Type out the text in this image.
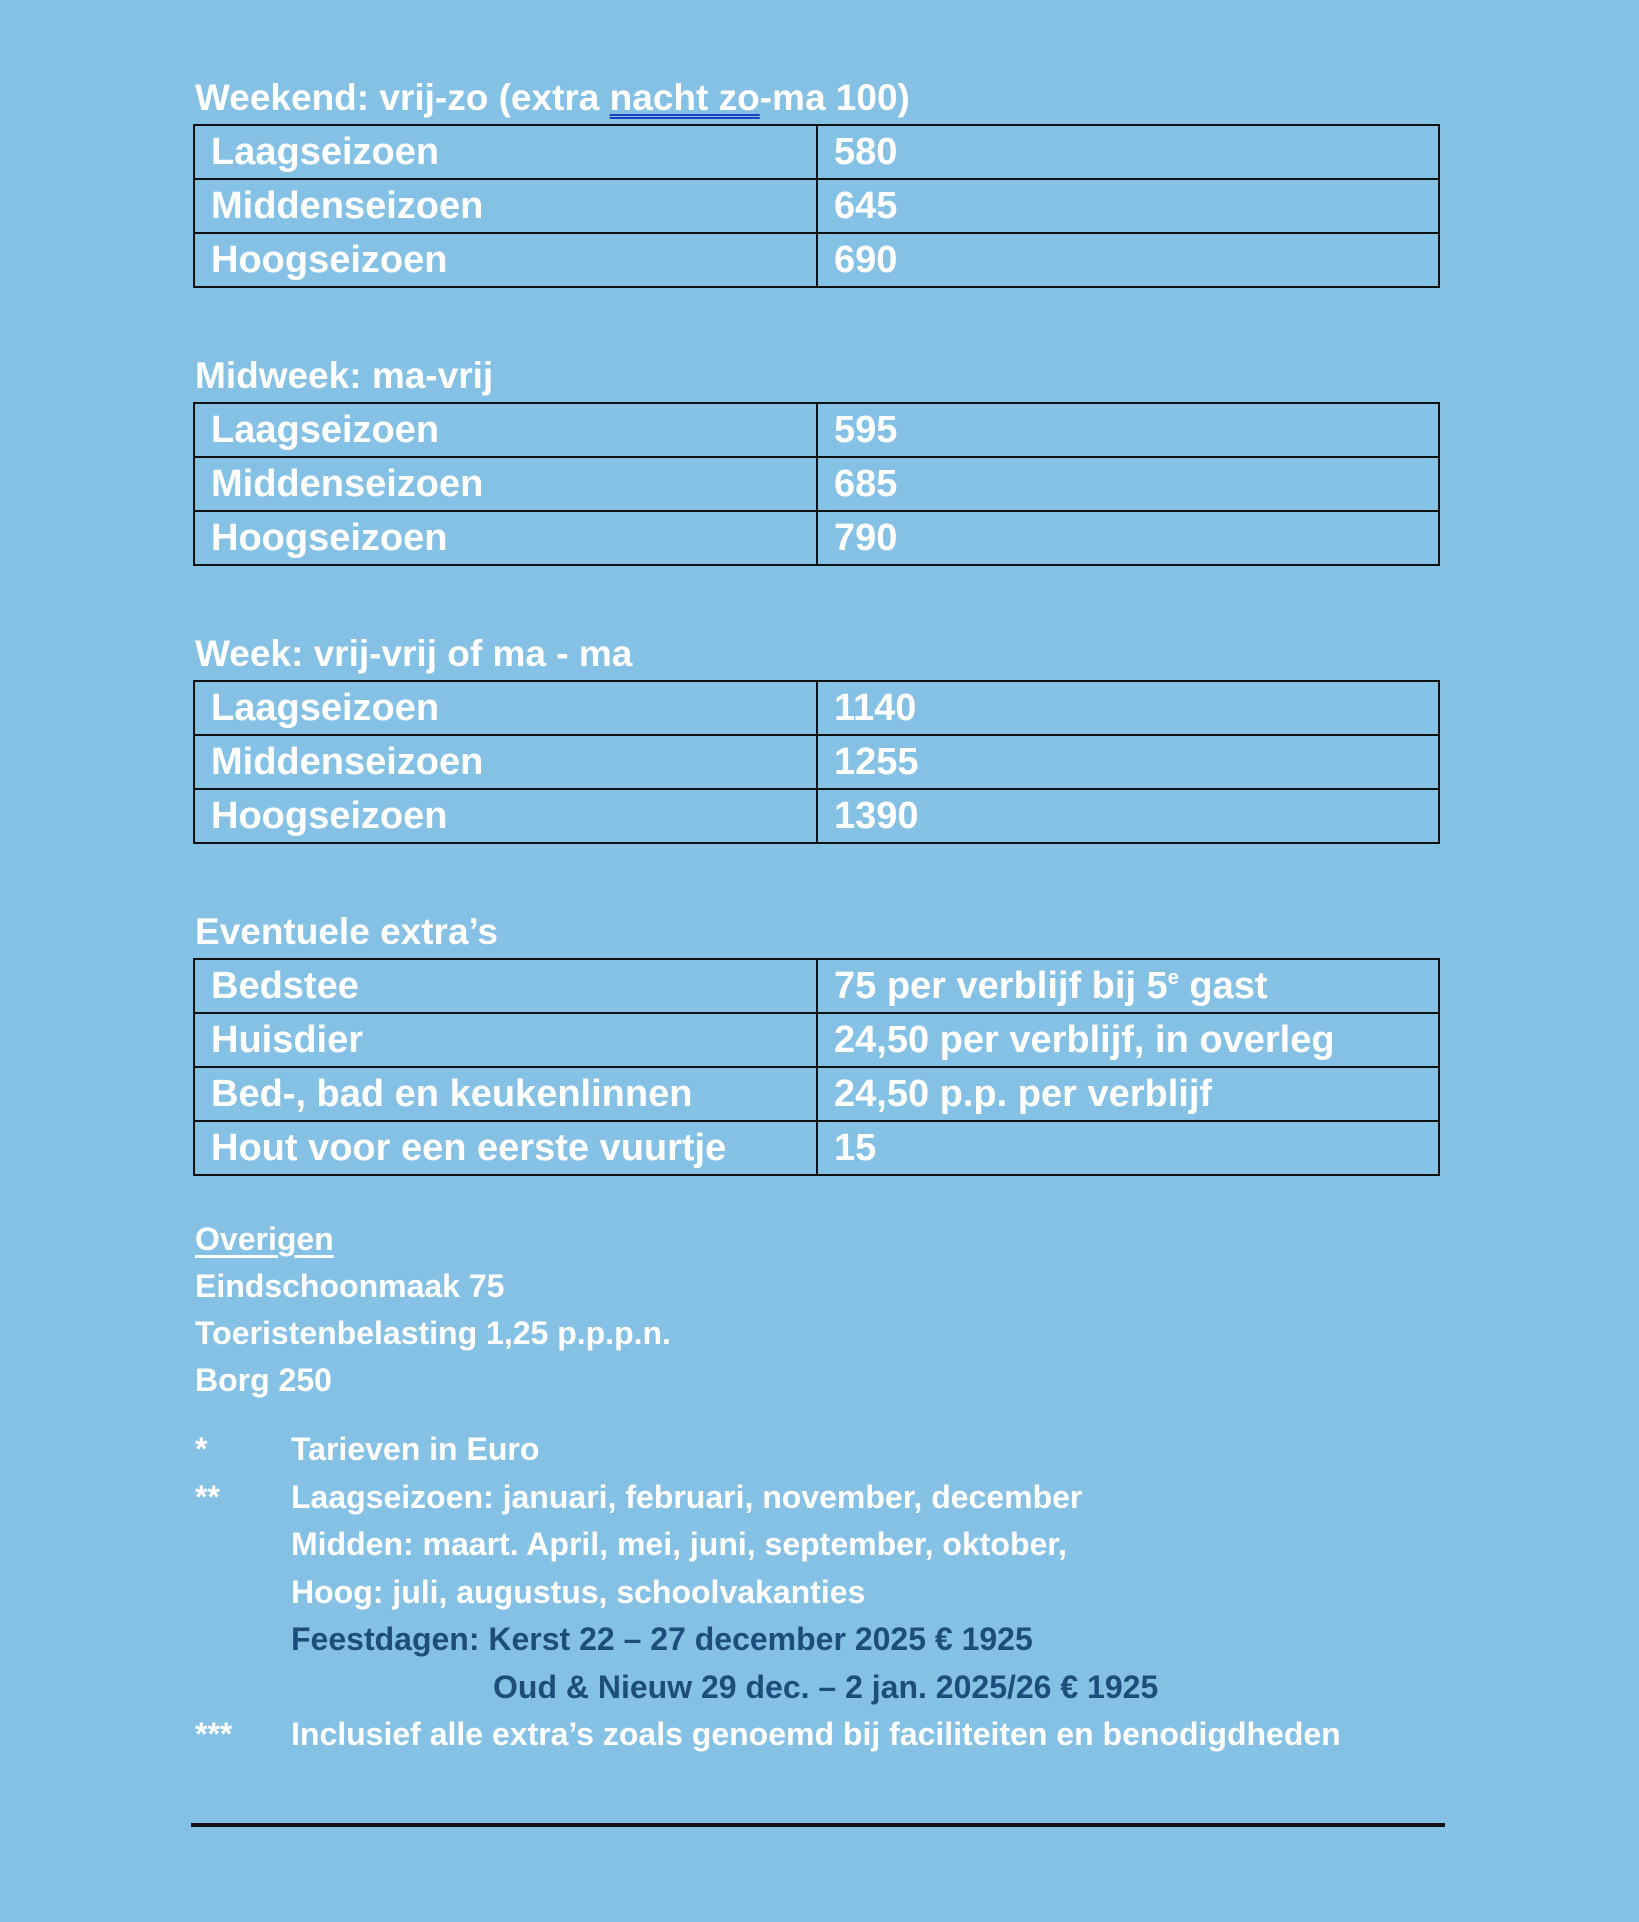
Weekend: vrij-zo (extra nacht zo-ma 100)
Laagseizoen	580
Middenseizoen	645
Hoogseizoen	690
Midweek: ma-vrij
Laagseizoen	595
Middenseizoen	685
Hoogseizoen	790
Week: vrij-vrij of ma - ma
Laagseizoen	1140
Middenseizoen	1255
Hoogseizoen	1390
Eventuele extra’s
Bedstee	75 per verblijf bij 5e gast
Huisdier	24,50 per verblijf, in overleg
Bed-, bad en keukenlinnen	24,50 p.p. per verblijf
Hout voor een eerste vuurtje	15
Overigen
Eindschoonmaak 75
Toeristenbelasting 1,25 p.p.p.n.
Borg 250
*	Tarieven in Euro
**	Laagseizoen: januari, februari, november, december
Midden: maart. April, mei, juni, september, oktober,
Hoog: juli, augustus, schoolvakanties
Feestdagen: Kerst 22 – 27 december 2025 € 1925
Oud & Nieuw 29 dec. – 2 jan. 2025/26 € 1925
***	Inclusief alle extra’s zoals genoemd bij faciliteiten en benodigdheden
